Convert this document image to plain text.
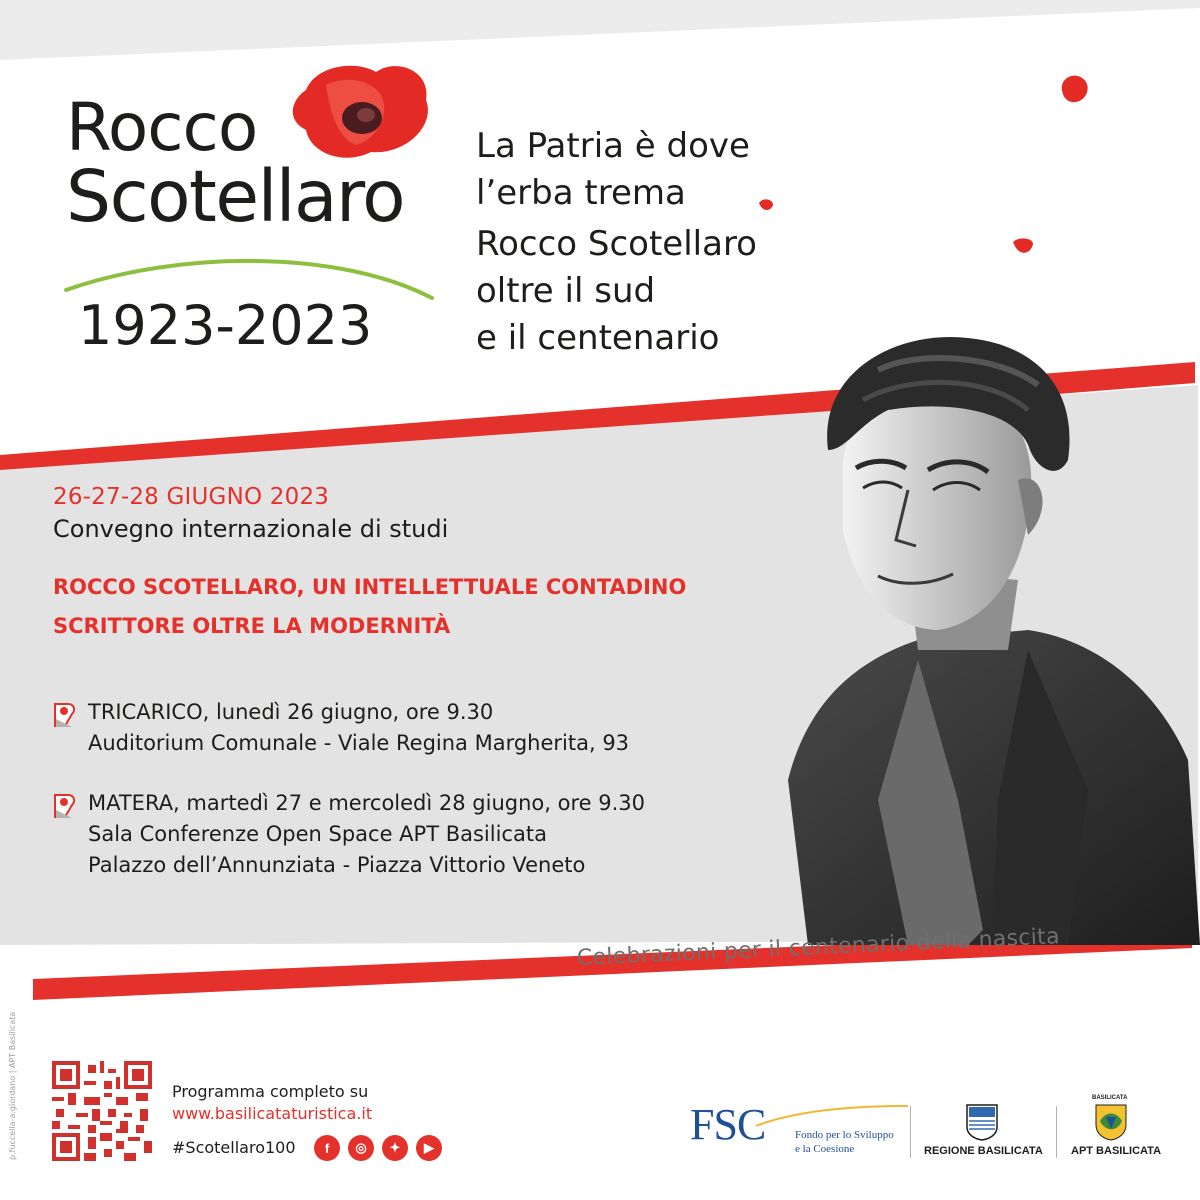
Rocco
Scotellaro
1923-2023

La Patria è dove

l’erba trema

Rocco Scotellaro

oltre il sud

e il centenario

26-27-28 GIUGNO 2023

Convegno internazionale di studi

ROCCO SCOTELLARO, UN INTELLETTUALE CONTADINO
SCRITTORE OLTRE LA MODERNITÀ
TRICARICO, lunedì 26 giugno, ore 9.30
Auditorium Comunale - Viale Regina Margherita, 93
MATERA, martedì 27 e mercoledì 28 giugno, ore 9.30
Sala Conferenze Open Space APT Basilicata
Palazzo dell’Annunziata - Piazza Vittorio Veneto
Celebrazioni per il centenario della nascita
p.fuccella-a.giordano | APT Basilicata	Programma completo su
www.basilicataturistica.it
#Scotellaro100	f	◎	✦	▶	FSC	Fondo per lo Sviluppo
e la Coesione	REGIONE BASILICATA
BASILICATA
APT BASILICATA
